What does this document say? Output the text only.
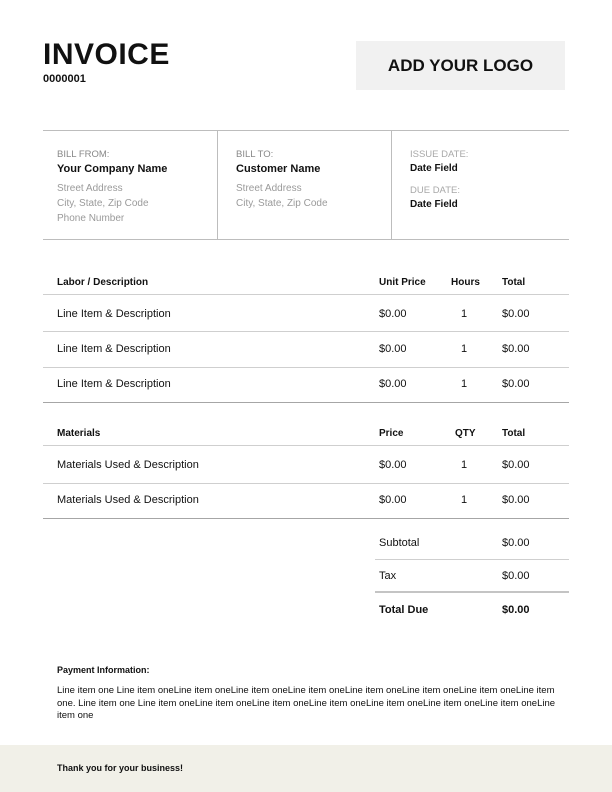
INVOICE
0000001
ADD YOUR LOGO
BILL FROM:
Your Company Name
Street Address
City, State, Zip Code
Phone Number
BILL TO:
Customer Name
Street Address
City, State, Zip Code
ISSUE DATE:
Date Field
DUE DATE:
Date Field
Labor / Description	Unit Price	Hours Total
Line Item & Description	$0.00	1	$0.00
Line Item & Description	$0.00	1	$0.00
Line Item & Description	$0.00	1	$0.00
Materials	Price	QTY	Total
Materials Used & Description	$0.00	1	$0.00
Materials Used & Description	$0.00	1	$0.00
Subtotal	$0.00
Tax	$0.00
Total Due	$0.00
Payment Information:
Line item one Line item oneLine item oneLine item oneLine item oneLine item oneLine item oneLine item oneLine item one. Line item one Line item oneLine item oneLine item oneLine item oneLine item oneLine item oneLine item oneLine item one
Thank you for your business!
